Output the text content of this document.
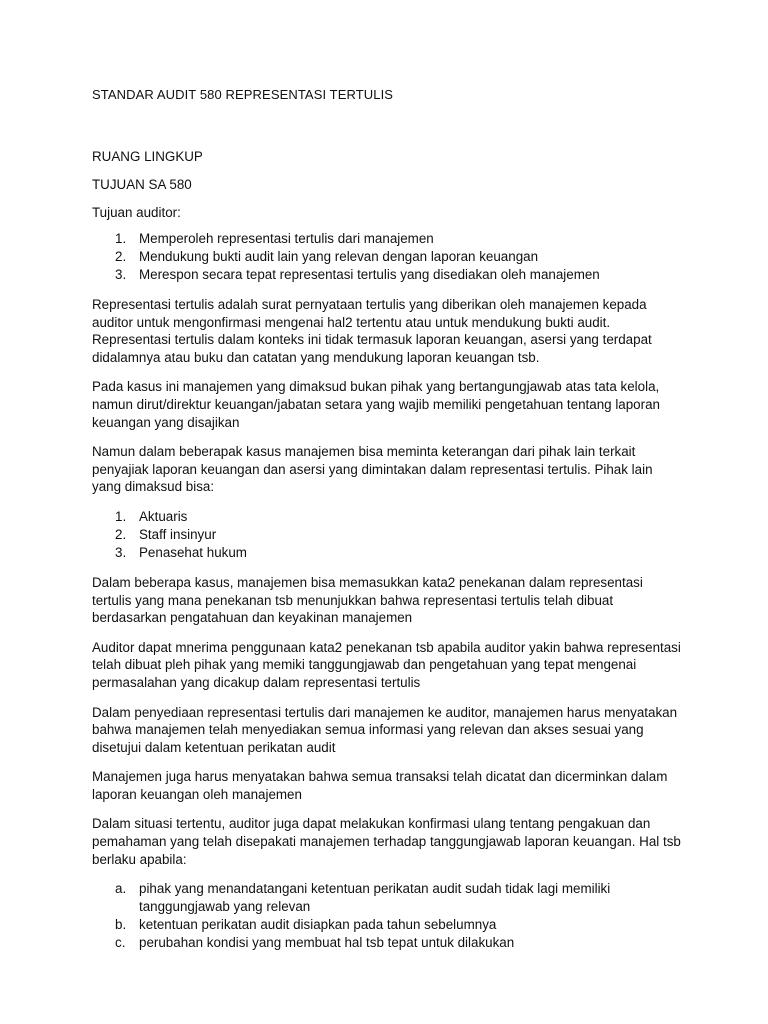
STANDAR AUDIT 580 REPRESENTASI TERTULIS

RUANG LINGKUP

TUJUAN SA 580

Tujuan auditor:

1. Memperoleh representasi tertulis dari manajemen
2. Mendukung bukti audit lain yang relevan dengan laporan keuangan
3. Merespon secara tepat representasi tertulis yang disediakan oleh manajemen

Representasi tertulis adalah surat pernyataan tertulis yang diberikan oleh manajemen kepada auditor untuk mengonfirmasi mengenai hal2 tertentu atau untuk mendukung bukti audit. Representasi tertulis dalam konteks ini tidak termasuk laporan keuangan, asersi yang terdapat didalamnya atau buku dan catatan yang mendukung laporan keuangan tsb.

Pada kasus ini manajemen yang dimaksud bukan pihak yang bertangungjawab atas tata kelola, namun dirut/direktur keuangan/jabatan setara yang wajib memiliki pengetahuan tentang laporan keuangan yang disajikan

Namun dalam beberapak kasus manajemen bisa meminta keterangan dari pihak lain terkait penyajiak laporan keuangan dan asersi yang dimintakan dalam representasi tertulis. Pihak lain yang dimaksud bisa:

1. Aktuaris
2. Staff insinyur
3. Penasehat hukum

Dalam beberapa kasus, manajemen bisa memasukkan kata2 penekanan dalam representasi tertulis yang mana penekanan tsb menunjukkan bahwa representasi tertulis telah dibuat berdasarkan pengatahuan dan keyakinan manajemen

Auditor dapat mnerima penggunaan kata2 penekanan tsb apabila auditor yakin bahwa representasi telah dibuat pleh pihak yang memiki tanggungjawab dan pengetahuan yang tepat mengenai permasalahan yang dicakup dalam representasi tertulis

Dalam penyediaan representasi tertulis dari manajemen ke auditor, manajemen harus menyatakan bahwa manajemen telah menyediakan semua informasi yang relevan dan akses sesuai yang disetujui dalam ketentuan perikatan audit

Manajemen juga harus menyatakan bahwa semua transaksi telah dicatat dan dicerminkan dalam laporan keuangan oleh manajemen

Dalam situasi tertentu, auditor juga dapat melakukan konfirmasi ulang tentang pengakuan dan pemahaman yang telah disepakati manajemen terhadap tanggungjawab laporan keuangan. Hal tsb berlaku apabila:

a. pihak yang menandatangani ketentuan perikatan audit sudah tidak lagi memiliki tanggungjawab yang relevan
b. ketentuan perikatan audit disiapkan pada tahun sebelumnya
c. perubahan kondisi yang membuat hal tsb tepat untuk dilakukan
